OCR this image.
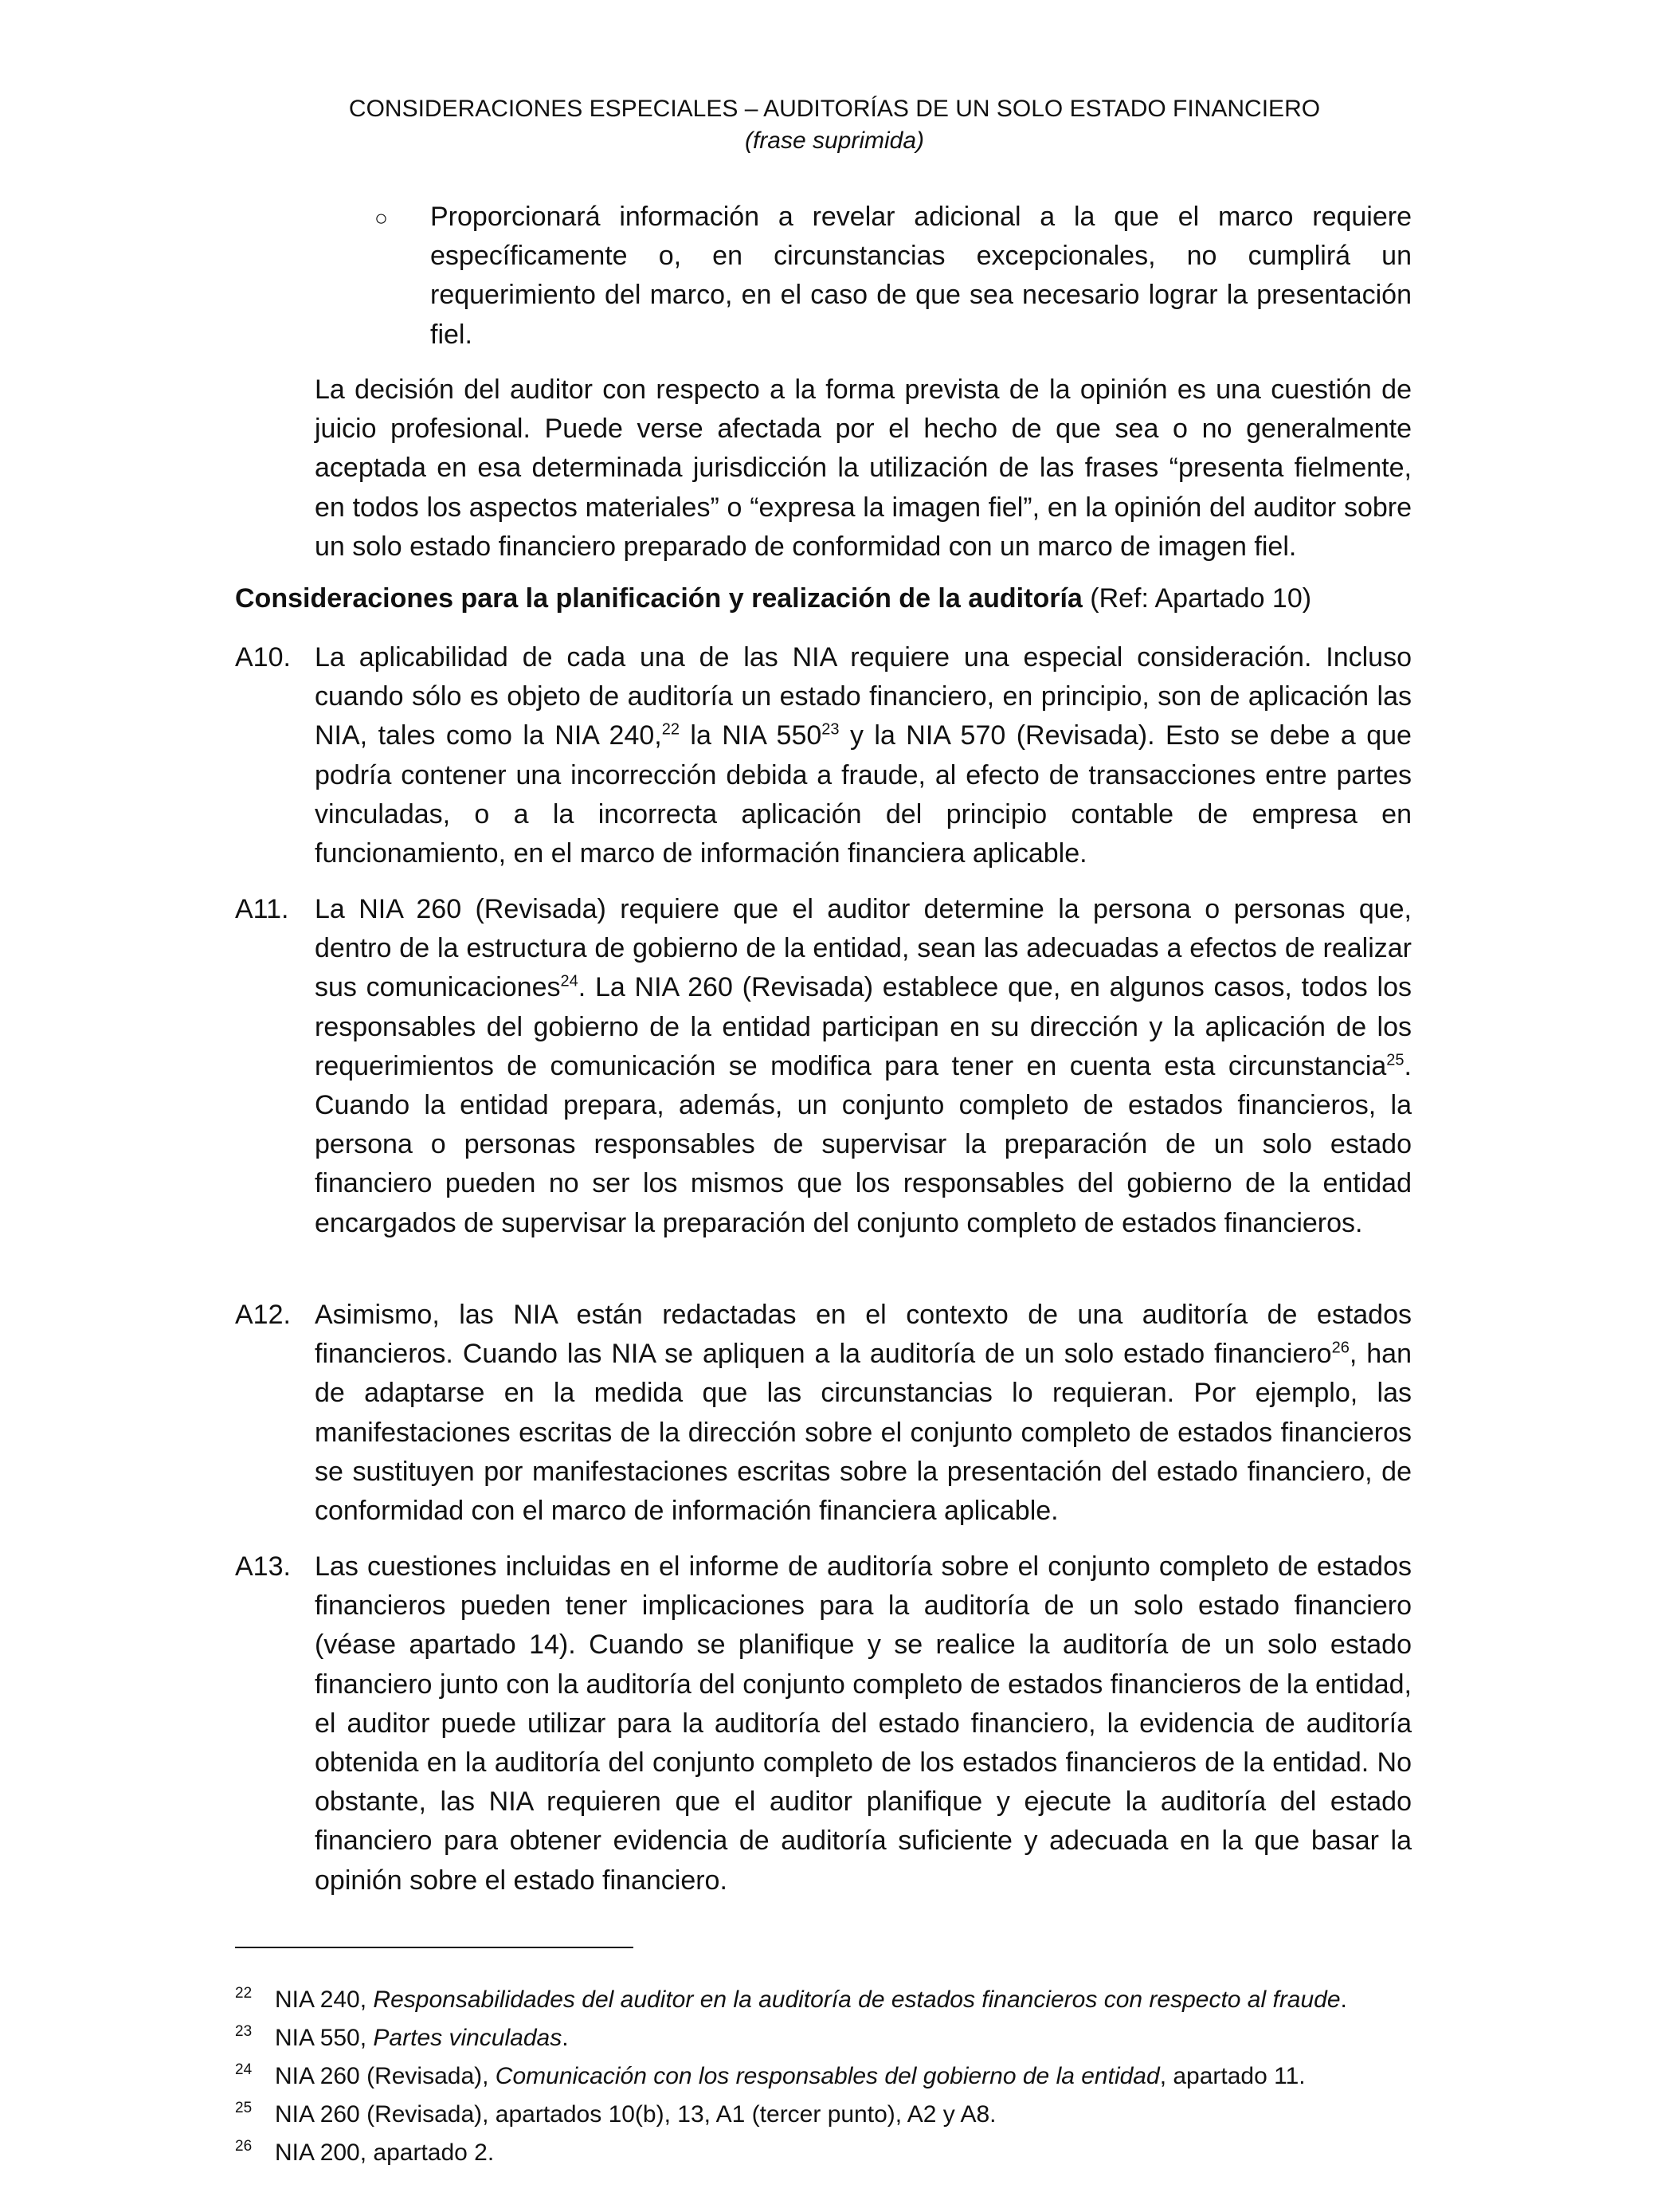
CONSIDERACIONES ESPECIALES – AUDITORÍAS DE UN SOLO ESTADO FINANCIERO
(frase suprimida)
○ Proporcionará información a revelar adicional a la que el marco requiere específicamente o, en circunstancias excepcionales, no cumplirá un requerimiento del marco, en el caso de que sea necesario lograr la presentación fiel.
La decisión del auditor con respecto a la forma prevista de la opinión es una cuestión de juicio profesional. Puede verse afectada por el hecho de que sea o no generalmente aceptada en esa determinada jurisdicción la utilización de las frases “presenta fielmente, en todos los aspectos materiales” o “expresa la imagen fiel”, en la opinión del auditor sobre un solo estado financiero preparado de conformidad con un marco de imagen fiel.
Consideraciones para la planificación y realización de la auditoría (Ref: Apartado 10)
A10. La aplicabilidad de cada una de las NIA requiere una especial consideración. Incluso cuando sólo es objeto de auditoría un estado financiero, en principio, son de aplicación las NIA, tales como la NIA 240,22 la NIA $550^{23}$ y la NIA 570 (Revisada). Esto se debe a que podría contener una incorrección debida a fraude, al efecto de transacciones entre partes vinculadas, o a la incorrecta aplicación del principio contable de empresa en funcionamiento, en el marco de información financiera aplicable.
A11. La NIA 260 (Revisada) requiere que el auditor determine la persona o personas que, dentro de la estructura de gobierno de la entidad, sean las adecuadas a efectos de realizar sus comunicaciones$^{24}$. La NIA 260 (Revisada) establece que, en algunos casos, todos los responsables del gobierno de la entidad participan en su dirección y la aplicación de los requerimientos de comunicación se modifica para tener en cuenta esta circunstancia$^{25}$. Cuando la entidad prepara, además, un conjunto completo de estados financieros, la persona o personas responsables de supervisar la preparación de un solo estado financiero pueden no ser los mismos que los responsables del gobierno de la entidad encargados de supervisar la preparación del conjunto completo de estados financieros.
A12. Asimismo, las NIA están redactadas en el contexto de una auditoría de estados financieros. Cuando las NIA se apliquen a la auditoría de un solo estado financiero$^{26}$, han de adaptarse en la medida que las circunstancias lo requieran. Por ejemplo, las manifestaciones escritas de la dirección sobre el conjunto completo de estados financieros se sustituyen por manifestaciones escritas sobre la presentación del estado financiero, de conformidad con el marco de información financiera aplicable.
A13. Las cuestiones incluidas en el informe de auditoría sobre el conjunto completo de estados financieros pueden tener implicaciones para la auditoría de un solo estado financiero (véase apartado 14). Cuando se planifique y se realice la auditoría de un solo estado financiero junto con la auditoría del conjunto completo de estados financieros de la entidad, el auditor puede utilizar para la auditoría del estado financiero, la evidencia de auditoría obtenida en la auditoría del conjunto completo de los estados financieros de la entidad. No obstante, las NIA requieren que el auditor planifique y ejecute la auditoría del estado financiero para obtener evidencia de auditoría suficiente y adecuada en la que basar la opinión sobre el estado financiero.
22 NIA 240, Responsabilidades del auditor en la auditoría de estados financieros con respecto al fraude.
23 NIA 550, Partes vinculadas.
24 NIA 260 (Revisada), Comunicación con los responsables del gobierno de la entidad, apartado 11.
25 NIA 260 (Revisada), apartados 10(b), 13, A1 (tercer punto), A2 y A8.
26 NIA 200, apartado 2.
